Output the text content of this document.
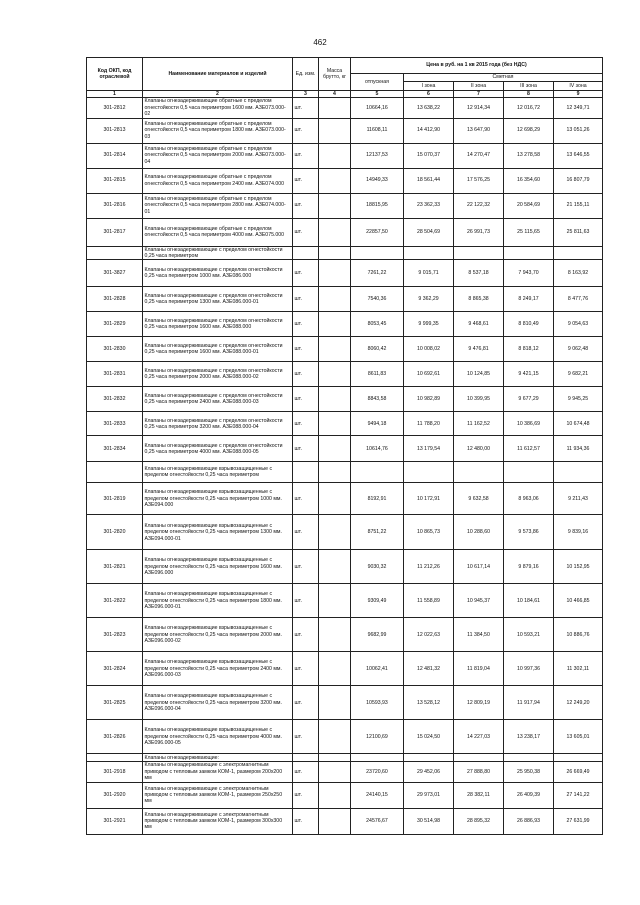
462
Код ОКП, код отраслевой	Наименование материалов и изделий	Ед. изм.	Масса брутто, кг	Цена в руб. на 1 кв 2015 года (без НДС)				
				отпускная	Сметная			
					I зона	II зона	III зона	IV зона
1	2	3	4	5	6	7	8	9
301-2812	Клапаны огнезадерживающие обратные с пределом огнестойкости 0,5 часа периметром 1600 мм. АЗЕ073.000-02	шт.		10664,16	13 638,22	12 914,34	12 016,72	12 349,71
301-2813	Клапаны огнезадерживающие обратные с пределом огнестойкости 0,5 часа периметром 1800 мм. АЗЕ073.000-03	шт.		11608,11	14 412,90	13 647,90	12 698,29	13 051,26
301-2814	Клапаны огнезадерживающие обратные с пределом огнестойкости 0,5 часа периметром 2000 мм. АЗЕ073.000-04	шт.		12137,53	15 070,37	14 270,47	13 278,58	13 646,55
301-2815	Клапаны огнезадерживающие обратные с пределом огнестойкости 0,5 часа периметром 2400 мм. АЗЕ074.000	шт.		14949,33	18 561,44	17 576,25	16 354,60	16 807,79
301-2816	Клапаны огнезадерживающие обратные с пределом огнестойкости 0,5 часа периметром 2800 мм. АЗЕ074.000-01	шт.		18815,95	23 362,33	22 122,32	20 584,69	21 155,11
301-2817	Клапаны огнезадерживающие обратные с пределом огнестойкости 0,5 часа периметром 4000 мм. АЗЕ075.000	шт.		22857,50	28 504,69	26 991,73	25 115,65	25 811,63
	Клапаны огнезадерживающие с пределом огнестойкости 0,25 часа периметром							
301-3827	Клапаны огнезадерживающие с пределом огнестойкости 0,25 часа периметром 1000 мм. АЗЕ086.000	шт.		7261,22	9 015,71	8 537,18	7 943,70	8 163,92
301-2828	Клапаны огнезадерживающие с пределом огнестойкости 0,25 часа периметром 1300 мм. АЗЕ086.000-01	шт.		7540,36	9 362,29	8 865,38	8 249,17	8 477,76
301-2829	Клапаны огнезадерживающие с пределом огнестойкости 0,25 часа периметром 1600 мм. АЗЕ088.000	шт.		8053,45	9 999,35	9 468,61	8 810,49	9 054,63
301-2830	Клапаны огнезадерживающие с пределом огнестойкости 0,25 часа периметром 1600 мм. АЗЕ088.000-01	шт.		8060,42	10 008,02	9 476,81	8 818,12	9 062,48
301-2831	Клапаны огнезадерживающие с пределом огнестойкости 0,25 часа периметром 2000 мм. АЗЕ088.000-02	шт.		8611,83	10 692,61	10 124,85	9 421,15	9 682,21
301-2832	Клапаны огнезадерживающие с пределом огнестойкости 0,25 часа периметром 2400 мм. АЗЕ088.000-03	шт.		8843,58	10 982,89	10 399,95	9 677,29	9 945,25
301-2833	Клапаны огнезадерживающие с пределом огнестойкости 0,25 часа периметром 3200 мм. АЗЕ088.000-04	шт.		9494,18	11 788,20	11 162,52	10 386,69	10 674,48
301-2834	Клапаны огнезадерживающие с пределом огнестойкости 0,25 часа периметром 4000 мм. АЗЕ088.000-05	шт.		10614,76	13 179,54	12 480,00	11 612,57	11 934,36
	Клапаны огнезадерживающие взрывозащищенные с пределом огнестойкости 0,25 часа периметром							
301-2819	Клапаны огнезадерживающие взрывозащищенные с пределом огнестойкости 0,25 часа периметром 1000 мм. АЗЕ094.000	шт.		8192,91	10 172,91	9 632,58	8 963,06	9 211,43
301-2820	Клапаны огнезадерживающие взрывозащищенные с пределом огнестойкости 0,25 часа периметром 1300 мм. АЗЕ094.000-01	шт.		8751,22	10 865,73	10 288,60	9 573,86	9 839,16
301-2821	Клапаны огнезадерживающие взрывозащищенные с пределом огнестойкости 0,25 часа периметром 1600 мм. АЗЕ096.000	шт.		9030,32	11 212,26	10 617,14	9 879,16	10 152,95
301-2822	Клапаны огнезадерживающие взрывозащищенные с пределом огнестойкости 0,25 часа периметром 1800 мм. АЗЕ096.000-01	шт.		9309,49	11 558,89	10 945,37	10 184,61	10 466,85
301-2823	Клапаны огнезадерживающие взрывозащищенные с пределом огнестойкости 0,25 часа периметром 2000 мм. АЗЕ096.000-02	шт.		9682,99	12 022,63	11 384,50	10 593,21	10 886,76
301-2824	Клапаны огнезадерживающие взрывозащищенные с пределом огнестойкости 0,25 часа периметром 2400 мм. АЗЕ096.000-03	шт.		10062,41	12 481,32	11 819,04	10 997,36	11 302,11
301-2825	Клапаны огнезадерживающие взрывозащищенные с пределом огнестойкости 0,25 часа периметром 3200 мм. АЗЕ096.000-04	шт.		10593,93	13 528,12	12 809,19	11 917,94	12 249,20
301-2826	Клапаны огнезадерживающие взрывозащищенные с пределом огнестойкости 0,25 часа периметром 4000 мм. АЗЕ096.000-05	шт.		12100,69	15 024,50	14 227,03	13 238,17	13 605,01
	Клапаны огнезадерживающие:							
301-2918	Клапаны огнезадерживающие с электромагнитным приводом с тепловым замком КОМ-1, размером 200х200 мм	шт.		23720,60	29 452,06	27 888,80	25 950,38	26 669,49
301-2920	Клапаны огнезадерживающие с электромагнитным приводом с тепловым замком КОМ-1, размером 250х250 мм	шт.		24140,15	29 973,01	28 382,11	26 409,39	27 141,22
301-2921	Клапаны огнезадерживающие с электромагнитным приводом с тепловым замком КОМ-1, размером 300х300 мм	шт.		24576,67	30 514,98	28 895,32	26 886,93	27 631,99
